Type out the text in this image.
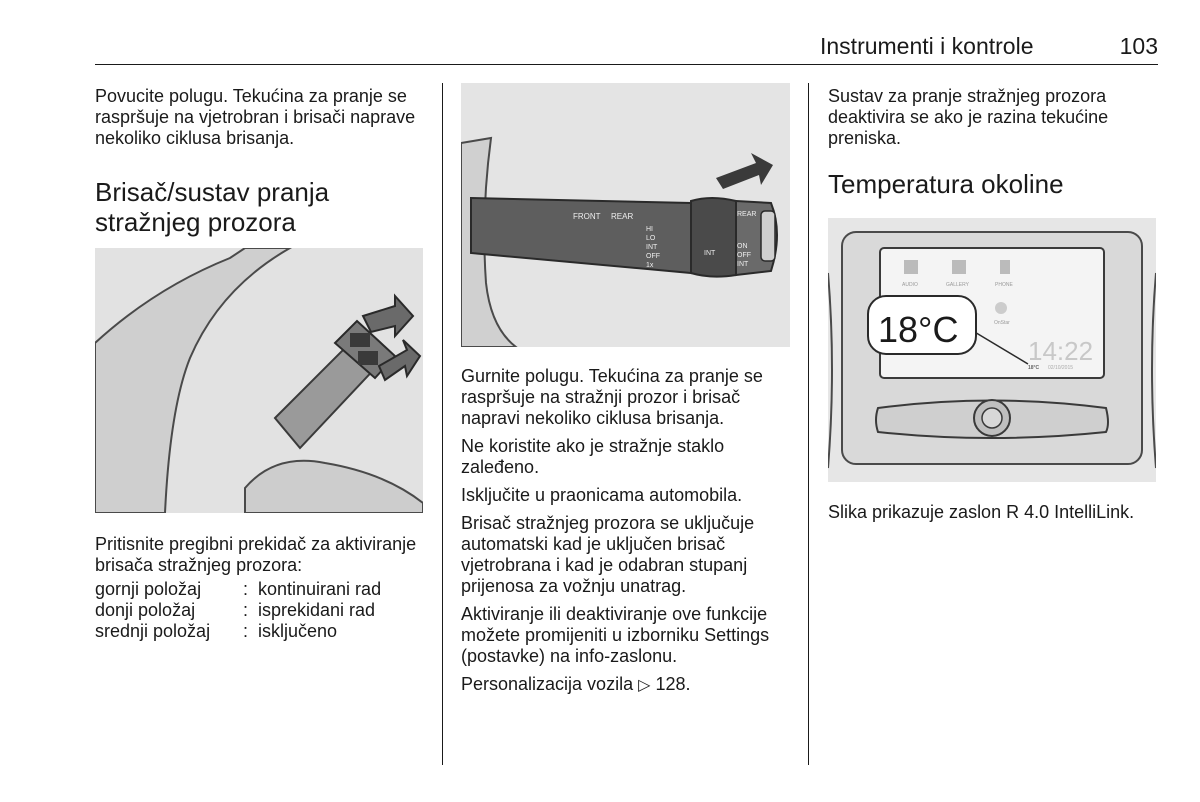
Instrumenti i kontrole	103

Povucite polugu. Tekućina za pranje se raspršuje na vjetrobran i brisači naprave nekoliko ciklusa brisanja.

Brisač/sustav pranja
stražnjeg prozora

Pritisnite pregibni prekidač za aktiviranje brisača stražnjeg prozora:

gornji položaj	:	kontinuirani rad
donji položaj	:	isprekidani rad
srednji položaj	:	isključeno
FRONT REAR
HI
LO
INT
OFF
1x
REAR
ON
OFF
INT
INT

Gurnite polugu. Tekućina za pranje se raspršuje na stražnji prozor i brisač napravi nekoliko ciklusa brisanja.

Ne koristite ako je stražnje staklo zaleđeno.

Isključite u praonicama automobila.

Brisač stražnjeg prozora se uključuje automatski kad je uključen brisač vjetrobrana i kad je odabran stupanj prijenosa za vožnju unatrag.

Aktiviranje ili deaktiviranje ove funkcije možete promijeniti u izborniku Settings (postavke) na info-zaslonu.

Personalizacija vozila ▷ 128.

Sustav za pranje stražnjeg prozora deaktivira se ako je razina tekućine preniska.

Temperatura okoline
AUDIO	GALLERY	PHONE
OnStar
14:22
18°C 02/10/2015
18°C

Slika prikazuje zaslon R 4.0 IntelliLink.
